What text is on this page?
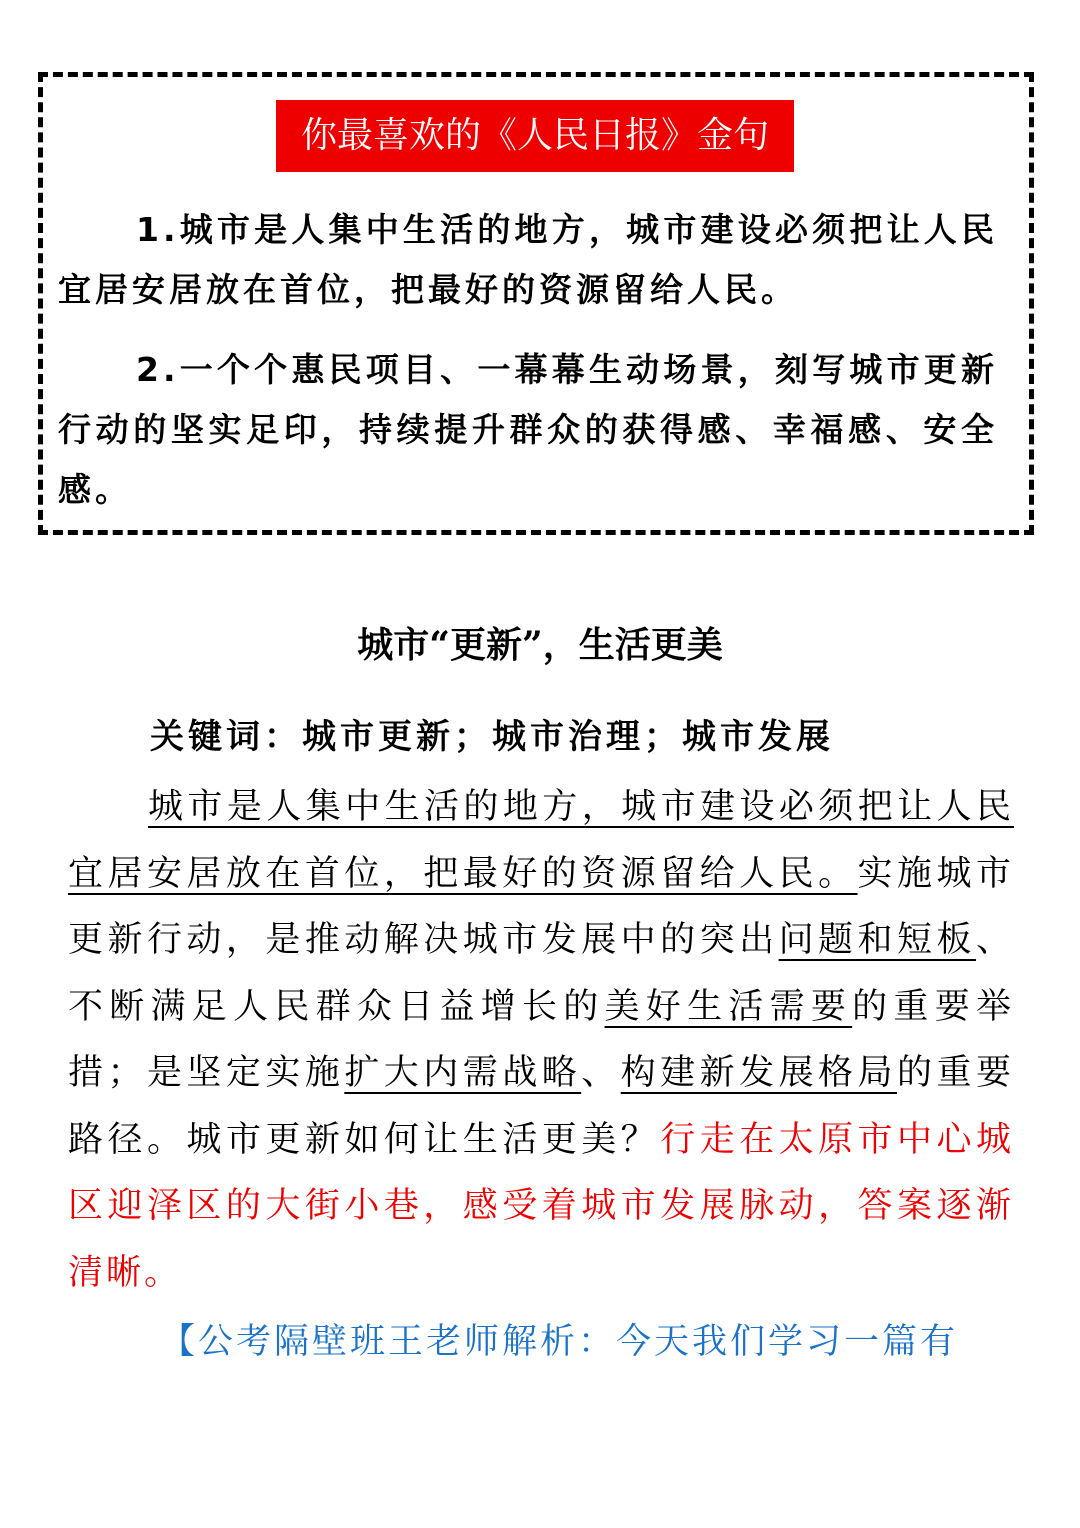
你最喜欢的《人民日报》金句

1.城市是人集中生活的地方，城市建设必须把让人民宜居安居放在首位，把最好的资源留给人民。

2.一个个惠民项目、一幕幕生动场景，刻写城市更新行动的坚实足印，持续提升群众的获得感、幸福感、安全感。

城市“更新”，生活更美

关键词：城市更新；城市治理；城市发展

城市是人集中生活的地方，城市建设必须把让人民宜居安居放在首位，把最好的资源留给人民。实施城市更新行动，是推动解决城市发展中的突出问题和短板、不断满足人民群众日益增长的美好生活需要的重要举措；是坚定实施扩大内需战略、构建新发展格局的重要路径。城市更新如何让生活更美？行走在太原市中心城区迎泽区的大街小巷，感受着城市发展脉动，答案逐渐清晰。

【公考隔壁班王老师解析：今天我们学习一篇有
